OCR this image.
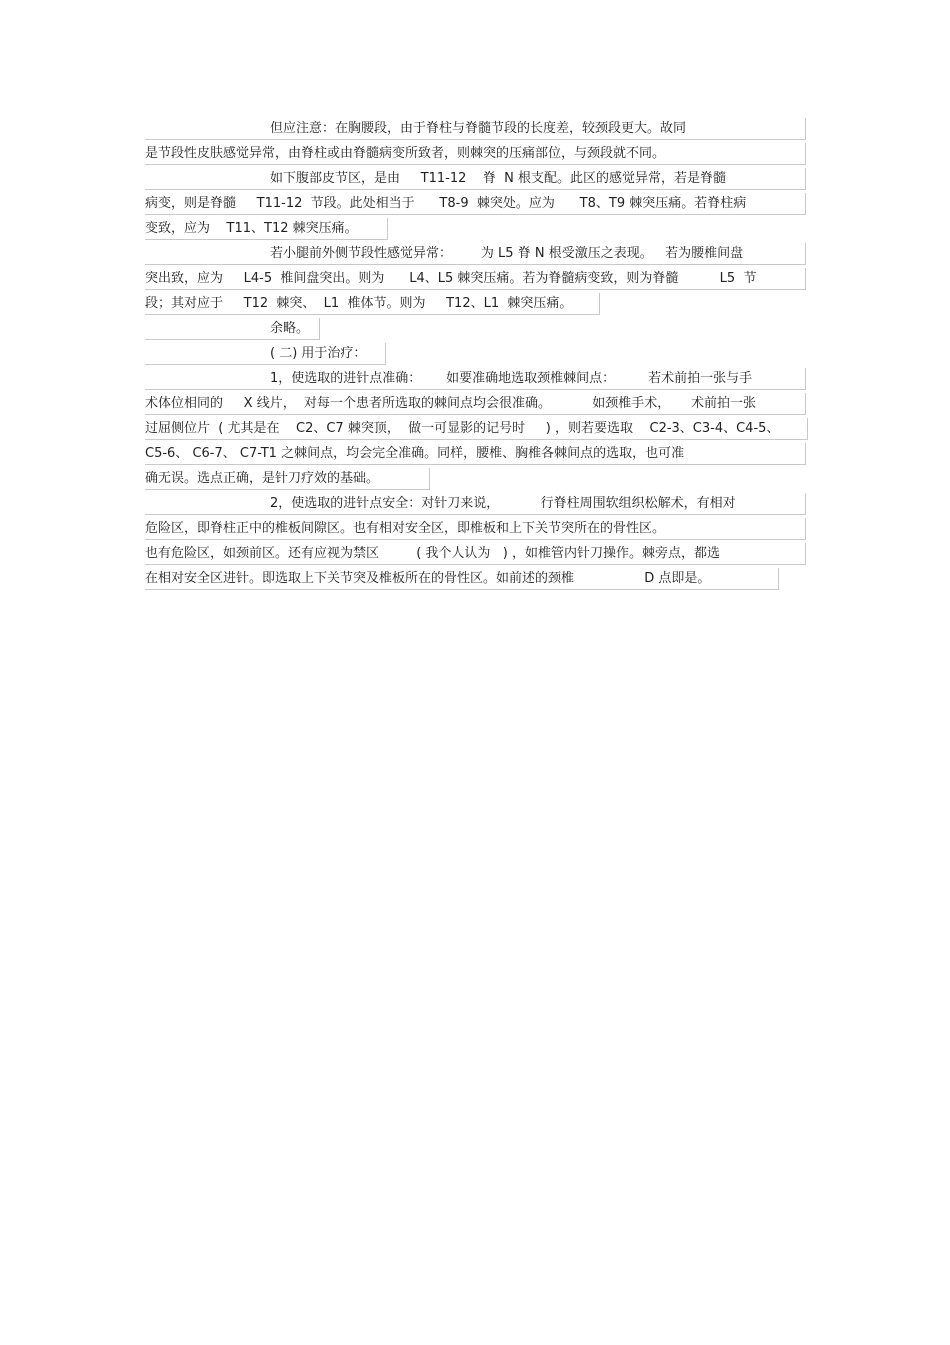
但应注意：在胸腰段，由于脊柱与脊髓节段的长度差，较颈段更大。故同
是节段性皮肤感觉异常，由脊柱或由脊髓病变所致者，则棘突的压痛部位，与颈段就不同。
如下腹部皮节区，是由     T11-12    脊  N 根支配。此区的感觉异常，若是脊髓
病变，则是脊髓     T11-12  节段。此处相当于      T8-9  棘突处。应为      T8、T9 棘突压痛。若脊柱病
变致，应为    T11、T12 棘突压痛。
若小腿前外侧节段性感觉异常：       为 L5 脊 N 根受激压之表现。   若为腰椎间盘
突出致，应为     L4-5  椎间盘突出。则为      L4、L5 棘突压痛。若为脊髓病变致，则为脊髓          L5  节
段；其对应于     T12  棘突、  L1  椎体节。则为     T12、L1  棘突压痛。
余略。
( 二) 用于治疗：
1，使选取的进针点准确：      如要准确地选取颈椎棘间点：        若术前拍一张与手
术体位相同的     X 线片，  对每一个患者所选取的棘间点均会很准确。          如颈椎手术，     术前拍一张
过屈侧位片  ( 尤其是在    C2、C7 棘突顶，  做一可显影的记号时     ) ，则若要选取    C2-3、C3-4、C4-5、
C5-6、 C6-7、 C7-T1 之棘间点，均会完全准确。同样，腰椎、胸椎各棘间点的选取，也可准
确无误。选点正确，是针刀疗效的基础。
2，使选取的进针点安全：对针刀来说，          行脊柱周围软组织松解术，有相对
危险区，即脊柱正中的椎板间隙区。也有相对安全区，即椎板和上下关节突所在的骨性区。
也有危险区，如颈前区。还有应视为禁区         ( 我个人认为   ) ，如椎管内针刀操作。棘旁点，都选
在相对安全区进针。即选取上下关节突及椎板所在的骨性区。如前述的颈椎                 D 点即是。
